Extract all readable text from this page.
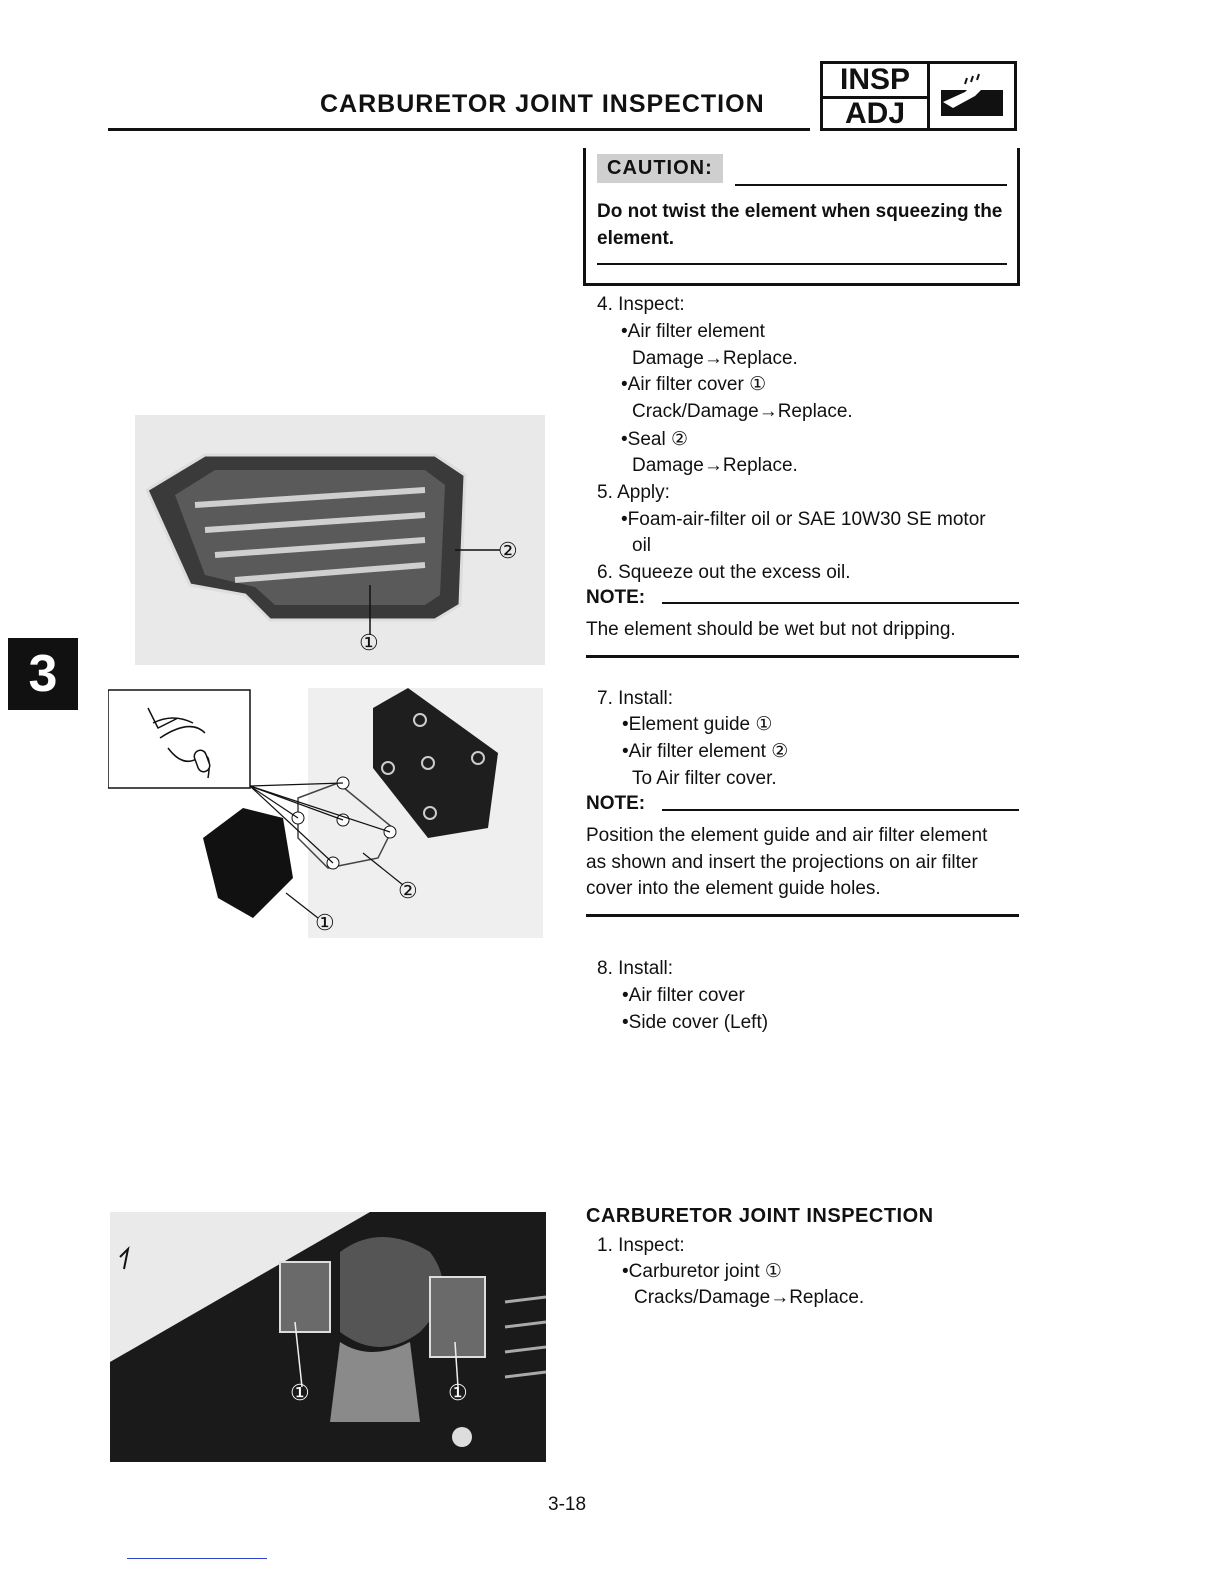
CARBURETOR JOINT INSPECTION
INSP
ADJ
CAUTION:
Do not twist the element when squeezing the element.
4. Inspect:
•Air filter element
Damage→Replace.
•Air filter cover ①
Crack/Damage→Replace.
•Seal ②
Damage→Replace.
5. Apply:
•Foam-air-filter oil or SAE 10W30 SE motor
oil
6. Squeeze out the excess oil.
NOTE:
The element should be wet but not dripping.
7. Install:
•Element guide ①
•Air filter element ②
To Air filter cover.
NOTE:
Position the element guide and air filter element
as shown and insert the projections on air filter
cover into the element guide holes.
8. Install:
•Air filter cover
•Side cover (Left)
CARBURETOR JOINT INSPECTION
1. Inspect:
•Carburetor joint ①
Cracks/Damage→Replace.
3
②
①
②
①
①	①
3-18
